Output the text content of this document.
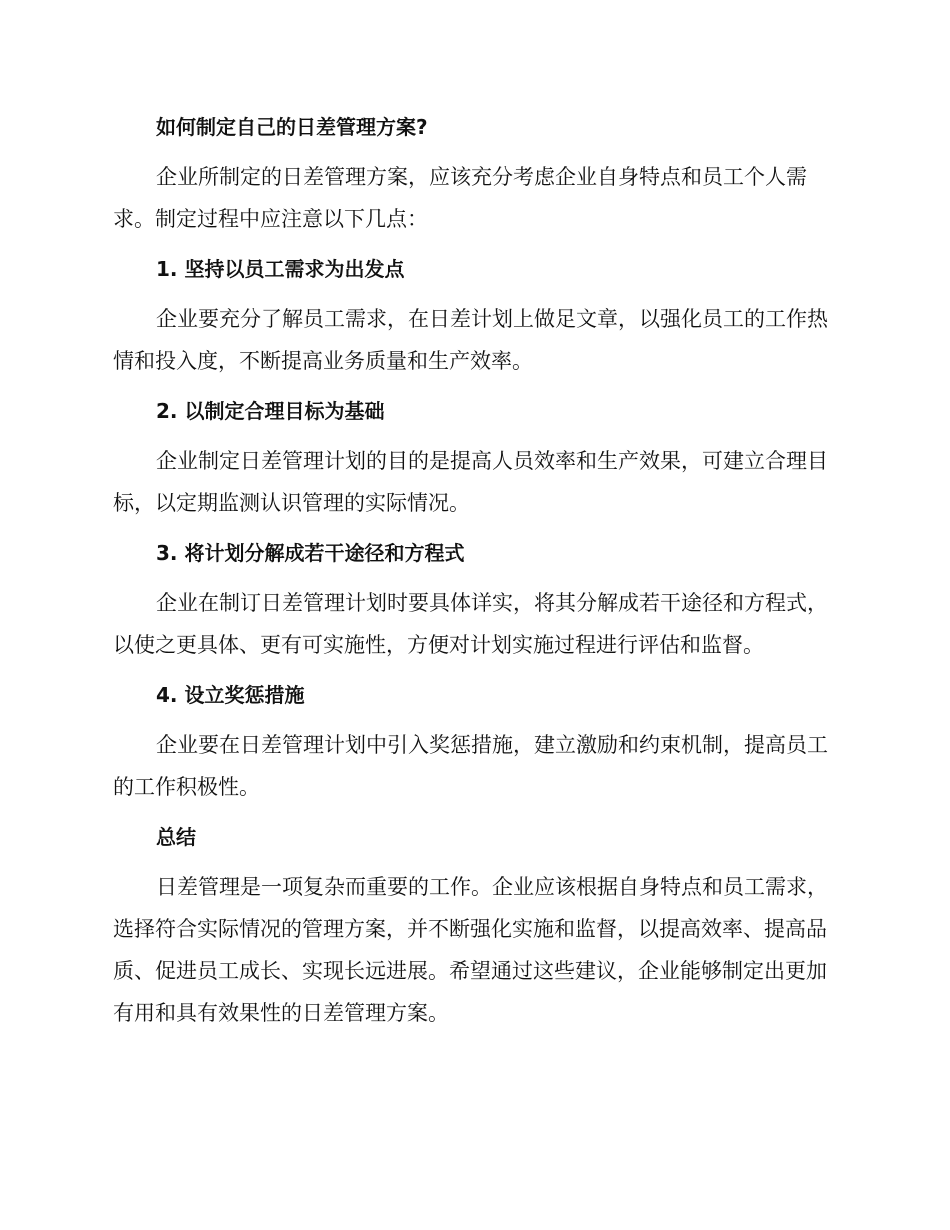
如何制定自己的日差管理方案?

企业所制定的日差管理方案，应该充分考虑企业自身特点和员工个人需求。制定过程中应注意以下几点：

1. 坚持以员工需求为出发点

企业要充分了解员工需求，在日差计划上做足文章，以强化员工的工作热情和投入度，不断提高业务质量和生产效率。

2. 以制定合理目标为基础

企业制定日差管理计划的目的是提高人员效率和生产效果，可建立合理目标，以定期监测认识管理的实际情况。

3. 将计划分解成若干途径和方程式

企业在制订日差管理计划时要具体详实，将其分解成若干途径和方程式，以使之更具体、更有可实施性，方便对计划实施过程进行评估和监督。

4. 设立奖惩措施

企业要在日差管理计划中引入奖惩措施，建立激励和约束机制，提高员工的工作积极性。

总结

日差管理是一项复杂而重要的工作。企业应该根据自身特点和员工需求，选择符合实际情况的管理方案，并不断强化实施和监督，以提高效率、提高品质、促进员工成长、实现长远进展。希望通过这些建议，企业能够制定出更加有用和具有效果性的日差管理方案。
